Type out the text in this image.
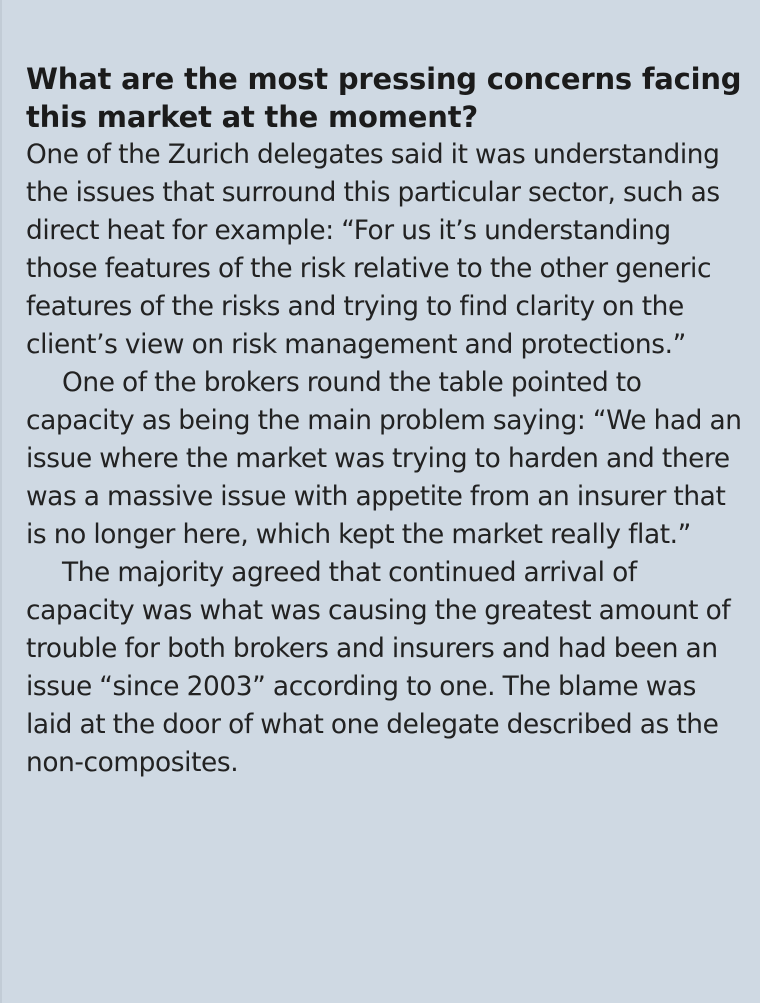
What are the most pressing concerns facing this market at the moment?

One of the Zurich delegates said it was understanding the issues that surround this particular sector, such as direct heat for example: “For us it’s understanding those features of the risk relative to the other generic features of the risks and trying to find clarity on the client’s view on risk management and protections.”

One of the brokers round the table pointed to capacity as being the main problem saying: “We had an issue where the market was trying to harden and there was a massive issue with appetite from an insurer that is no longer here, which kept the market really flat.”

The majority agreed that continued arrival of capacity was what was causing the greatest amount of trouble for both brokers and insurers and had been an issue “since 2003” according to one. The blame was laid at the door of what one delegate described as the non-composites.
